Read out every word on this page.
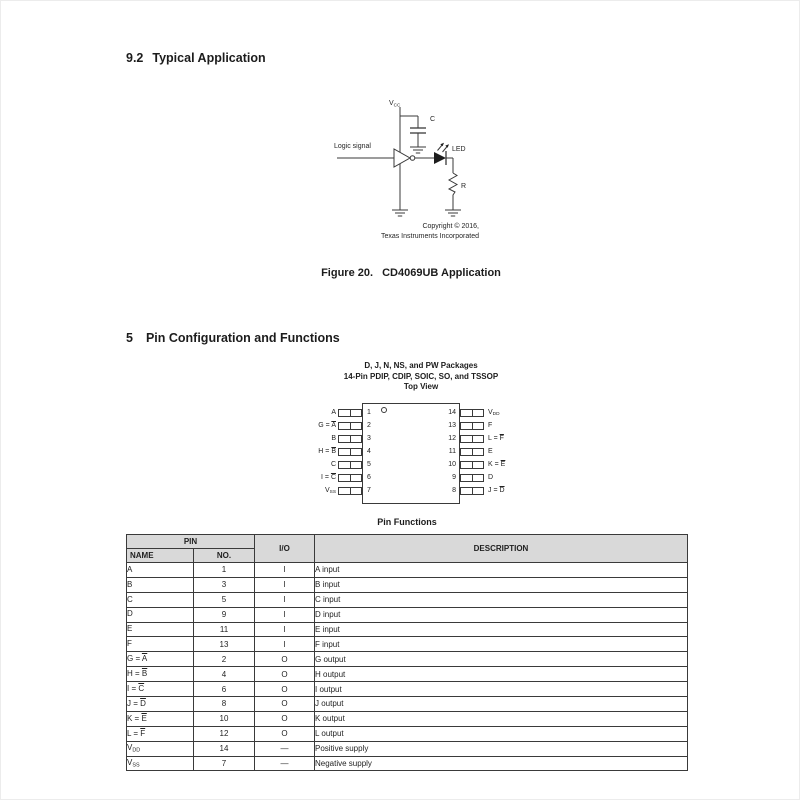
9.2 Typical Application
$V_{CC}$
C
Logic signal	LED
R
Copyright © 2016,
Texas Instruments Incorporated
Figure 20. CD4069UB Application
5 Pin Configuration and Functions
D, J, N, NS, and PW Packages
14-Pin PDIP, CDIP, SOIC, SO, and TSSOP
Top View
A	1
$G = \overline{A}$	2
B	3
$H = \overline{B}$	4
C	5
$I = \overline{C}$	6
VSS	7
14	VDD
13	F
12	$L = \overline{F}$
11	E
10	$K = \overline{E}$
9	D
8	$J = \overline{D}$
Pin Functions
PIN		I/O	DESCRIPTION
NAME	NO.		
A	1	I	A input
B	3	I	B input
C	5	I	C input
D	9	I	D input
E	11	I	E input
F	13	I	F input
$G = \overline{A}$	2	O	G output
$H = \overline{B}$	4	O	H output
$I = \overline{C}$	6	O	I output
$J = \overline{D}$	8	O	J output
$K = \overline{E}$	10	O	K output
$L = \overline{F}$	12	O	L output
VDD	14	—	Positive supply
VSS	7	—	Negative supply
